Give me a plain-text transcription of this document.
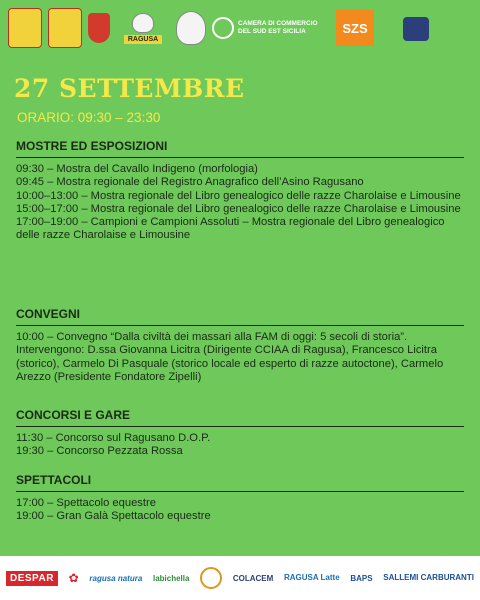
RAGUSA
CAMERA DI COMMERCIO DEL SUD EST SICILIA	SZS
27 SETTEMBRE
ORARIO: 09:30 – 23:30
MOSTRE ED ESPOSIZIONI

09:30 – Mostra del Cavallo Indigeno (morfologia)

09:45 – Mostra regionale del Registro Anagrafico dell’Asino Ragusano

10:00–13:00 – Mostra regionale del Libro genealogico delle razze Charolaise e Limousine

15:00–17:00 – Mostra regionale del Libro genealogico delle razze Charolaise e Limousine

17:00–19:00 – Campioni e Campioni Assoluti – Mostra regionale del Libro genealogico delle razze Charolaise e Limousine

CONVEGNI

10:00 – Convegno “Dalla civiltà dei massari alla FAM di oggi: 5 secoli di storia”. Intervengono: D.ssa Giovanna Licitra (Dirigente CCIAA di Ragusa), Francesco Licitra (storico), Carmelo Di Pasquale (storico locale ed esperto di razze autoctone), Carmelo Arezzo (Presidente Fondatore Zipelli)

CONCORSI E GARE

11:30 – Concorso sul Ragusano D.O.P.

19:30 – Concorso Pezzata Rossa

SPETTACOLI

17:00 – Spettacolo equestre

19:00 – Gran Galà Spettacolo equestre

DESPAR	✿ ragusa natura labichella	COLACEM RAGUSA Latte BAPS SALLEMI CARBURANTI
